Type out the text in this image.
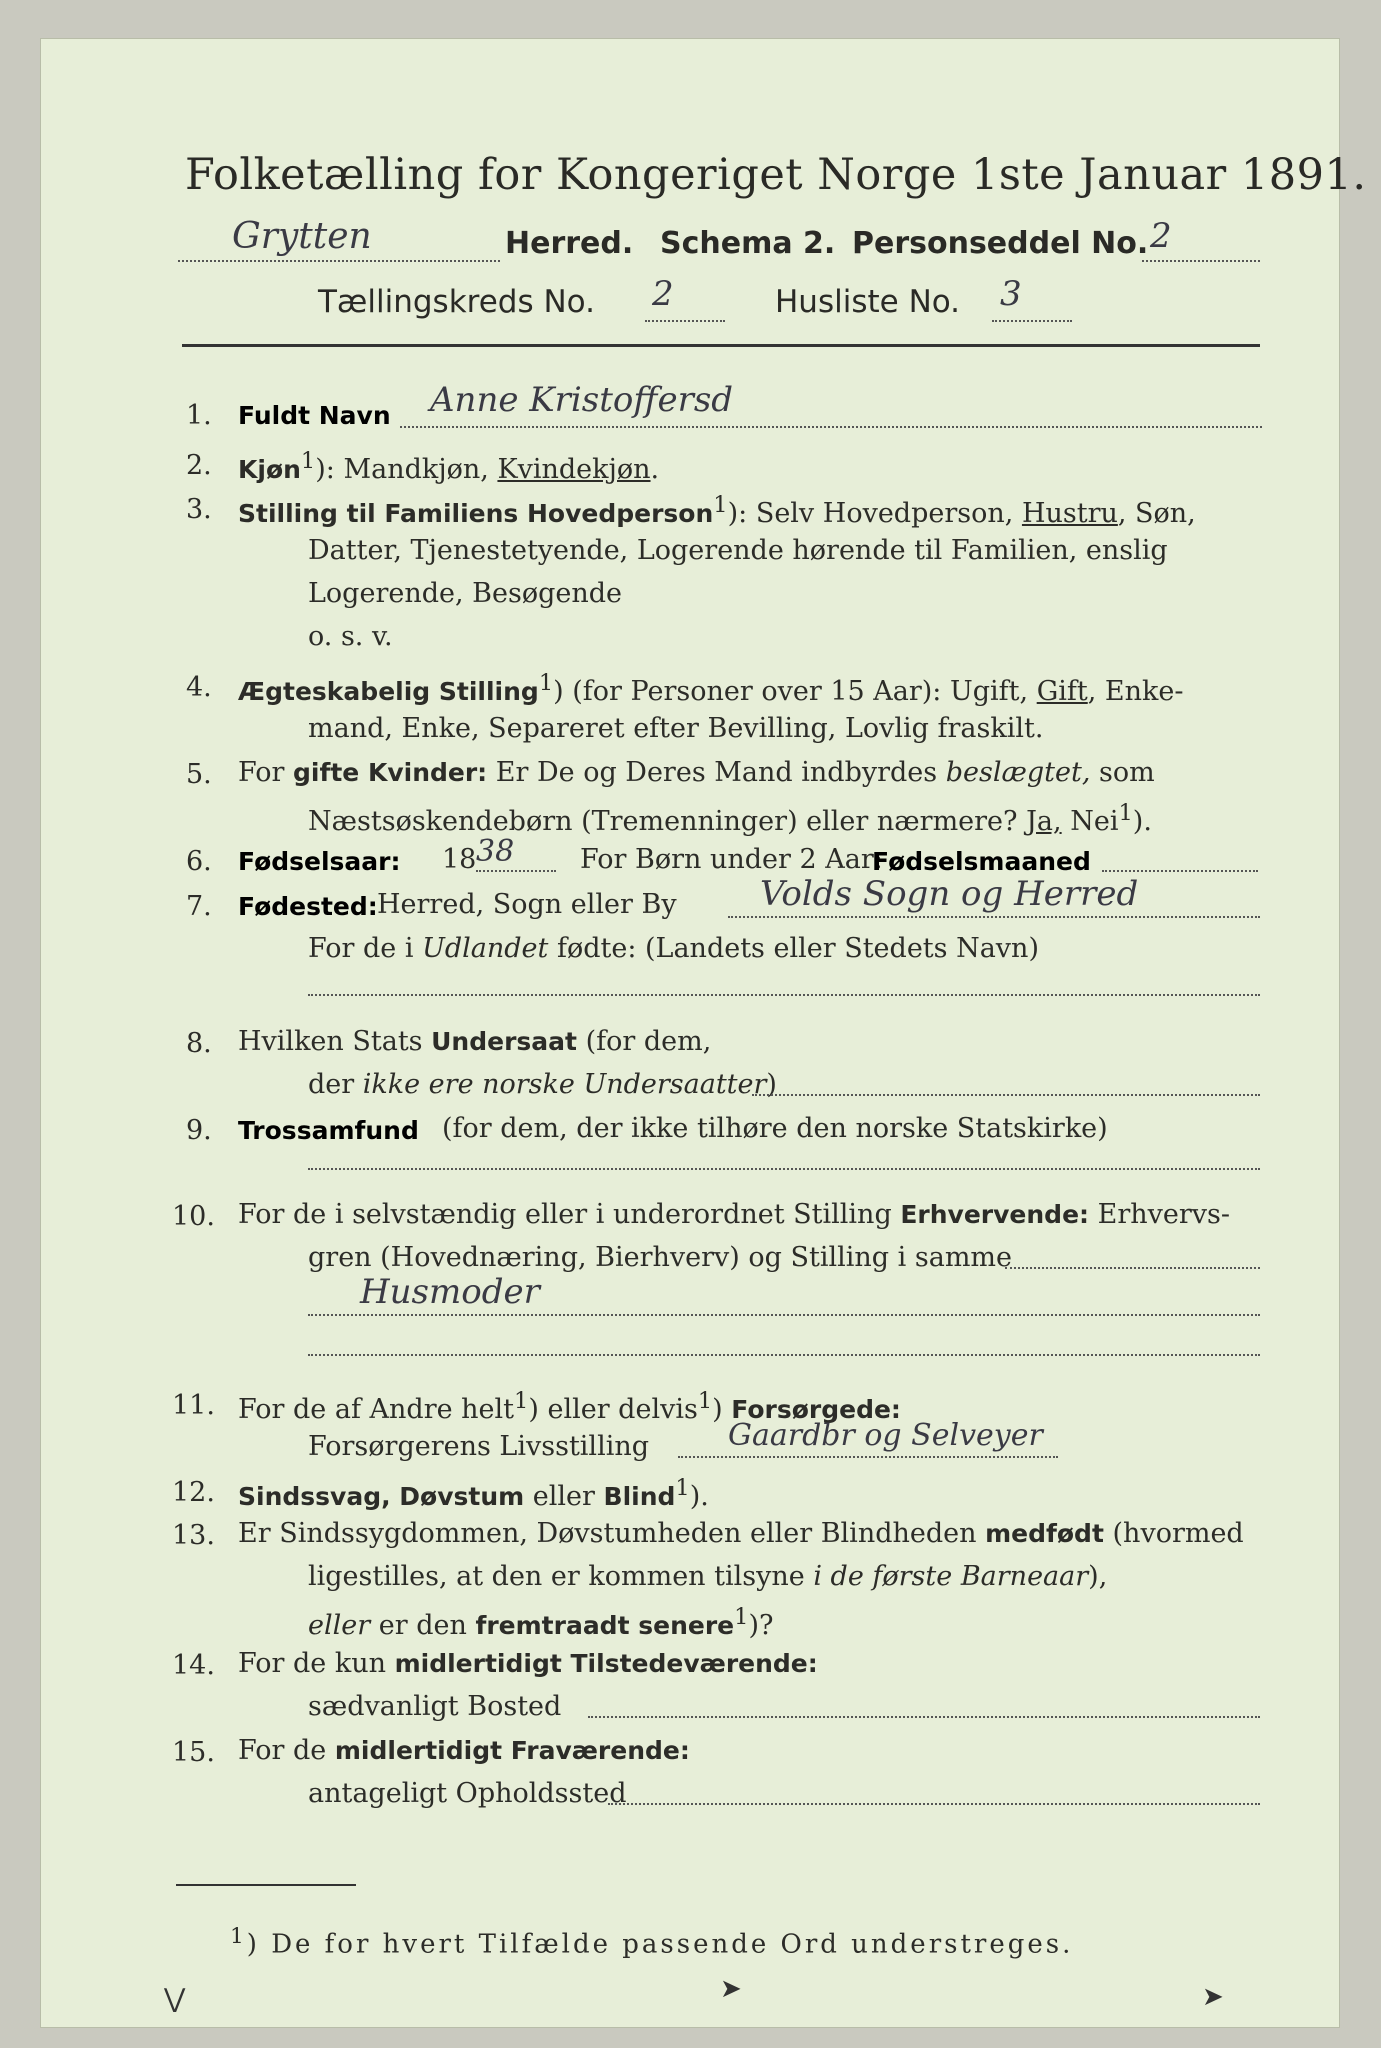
Folketælling for Kongeriget Norge 1ste Januar 1891.
Grytten	Herred. Schema 2. Personseddel No. 2
Tællingskreds No. 2	Husliste No. 3
1. Fuldt Navn Anne Kristoffersd
2. Kjøn$^1$): Mandkjøn, Kvindekjøn.
3. Stilling til Familiens Hovedperson$^1$): Selv Hovedperson, Hustru, Søn,
Datter, Tjenestetyende, Logerende hørende til Familien, enslig
Logerende, Besøgende
o. s. v.
4. Ægteskabelig Stilling$^1$) (for Personer over 15 Aar): Ugift, Gift, Enke-
mand, Enke, Separeret efter Bevilling, Lovlig fraskilt.
5. For gifte Kvinder: Er De og Deres Mand indbyrdes beslægtet, som
Næstsøskendebørn (Tremenninger) eller nærmere? Ja, Nei$^1$).
6. Fødselsaar: 18 38 For Børn under 2 Aar:
Fødselsmaaned
7. Fødested: Herred, Sogn eller By Volds Sogn og Herred
For de i Udlandet fødte: (Landets eller Stedets Navn)
8. Hvilken Stats Undersaat (for dem,
der ikke ere norske Undersaatter)
9. Trossamfund (for dem, der ikke tilhøre den norske Statskirke)
10. For de i selvstændig eller i underordnet Stilling Erhvervende: Erhvervs-
gren (Hovednæring, Bierhverv) og Stilling i samme
Husmoder
11. For de af Andre helt$^1$) eller delvis$^1$) Forsørgede:
Forsørgerens Livsstilling	Gaardbr og Selveyer
12. Sindssvag, Døvstum eller Blind$^1$).
13. Er Sindssygdommen, Døvstumheden eller Blindheden medfødt (hvormed
ligestilles, at den er kommen tilsyne i de første Barneaar),
eller er den fremtraadt senere$^1$)?
14. For de kun midlertidigt Tilstedeværende:
sædvanligt Bosted
15. For de midlertidigt Fraværende:
antageligt Opholdssted
$^1$) De for hvert Tilfælde passende Ord understreges.
⋁	➤	➤
